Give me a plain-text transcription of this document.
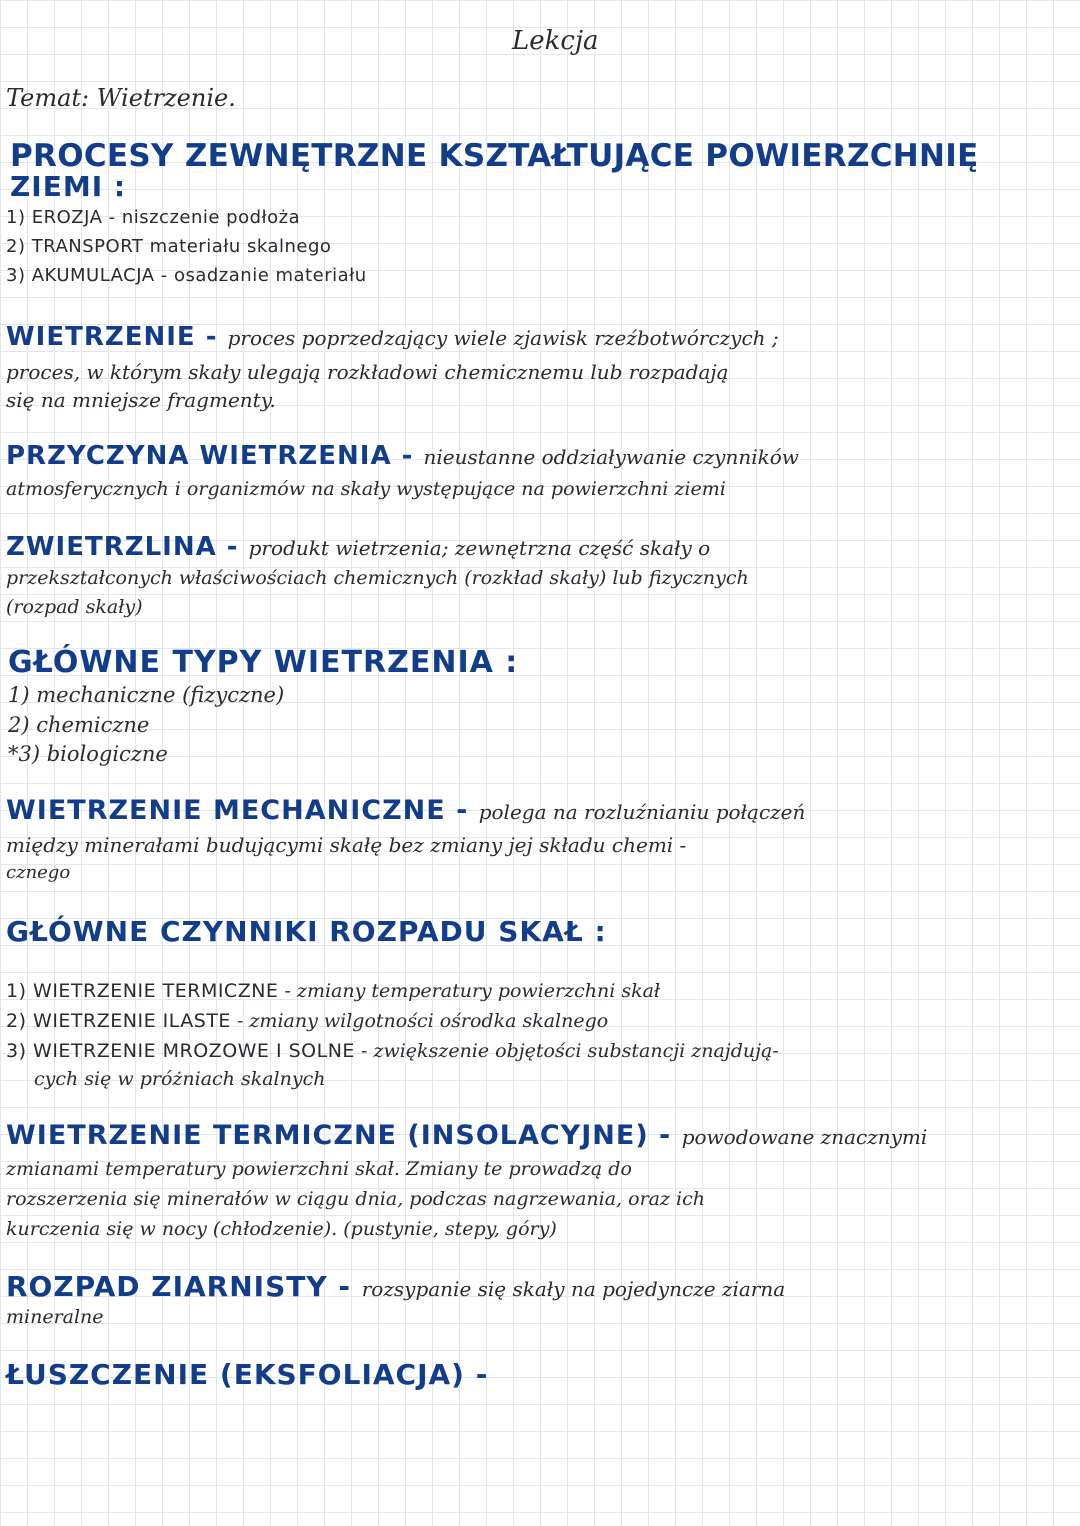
Lekcja
Temat: Wietrzenie.
PROCESY ZEWNĘTRZNE KSZTAŁTUJĄCE POWIERZCHNIĘ
ZIEMI :
1) EROZJA - niszczenie podłoża
2) TRANSPORT materiału skalnego
3) AKUMULACJA - osadzanie materiału
WIETRZENIE - proces poprzedzający wiele zjawisk rzeźbotwórczych ;
proces, w którym skały ulegają rozkładowi chemicznemu lub rozpadają
się na mniejsze fragmenty.
PRZYCZYNA WIETRZENIA - nieustanne oddziaływanie czynników
atmosferycznych i organizmów na skały występujące na powierzchni ziemi
ZWIETRZLINA - produkt wietrzenia; zewnętrzna część skały o
przekształconych właściwościach chemicznych (rozkład skały) lub fizycznych
(rozpad skały)
GŁÓWNE TYPY WIETRZENIA :
1) mechaniczne (fizyczne)
2) chemiczne
*3) biologiczne
WIETRZENIE MECHANICZNE - polega na rozluźnianiu połączeń
między minerałami budującymi skałę bez zmiany jej składu chemi -
cznego
GŁÓWNE CZYNNIKI ROZPADU SKAŁ :
1) WIETRZENIE TERMICZNE - zmiany temperatury powierzchni skał
2) WIETRZENIE ILASTE - zmiany wilgotności ośrodka skalnego
3) WIETRZENIE MROZOWE I SOLNE - zwiększenie objętości substancji znajdują-
cych się w próżniach skalnych
WIETRZENIE TERMICZNE (INSOLACYJNE) - powodowane znacznymi
zmianami temperatury powierzchni skał. Zmiany te prowadzą do
rozszerzenia się minerałów w ciągu dnia, podczas nagrzewania, oraz ich
kurczenia się w nocy (chłodzenie). (pustynie, stepy, góry)
ROZPAD ZIARNISTY - rozsypanie się skały na pojedyncze ziarna
mineralne
ŁUSZCZENIE (EKSFOLIACJA) -
